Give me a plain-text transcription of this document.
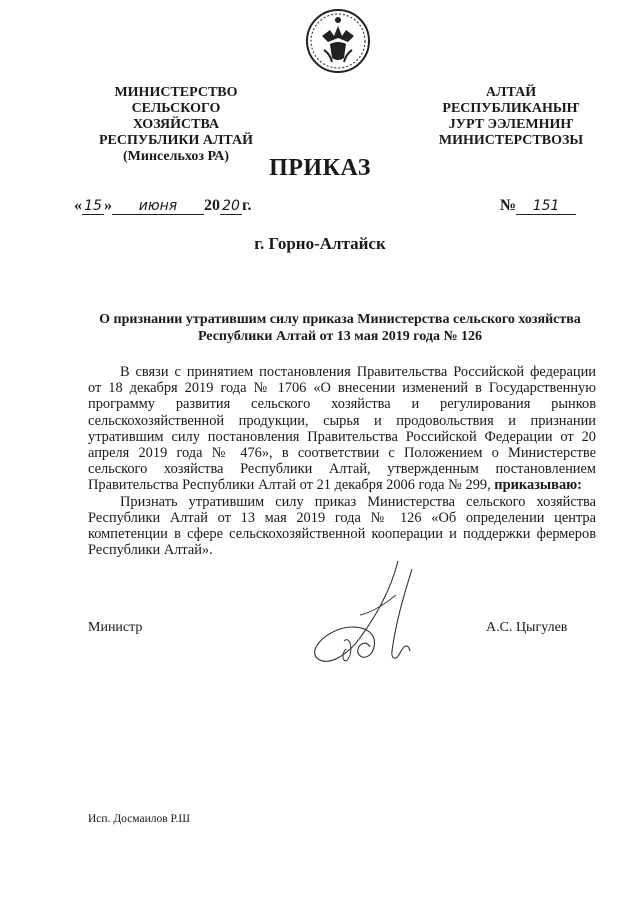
МИНИСТЕРСТВО
СЕЛЬСКОГО ХОЗЯЙСТВА
РЕСПУБЛИКИ АЛТАЙ
(Минсельхоз РА)
АЛТАЙ
РЕСПУБЛИКАНЫҤ
ЈУРТ ЭЭЛЕМНИҤ
МИНИСТЕРСТВОЗЫ
ПРИКАЗ
« 15 » июня 20 20 г.	№ 151
г. Горно-Алтайск
О признании утратившим силу приказа Министерства сельского хозяйства Республики Алтай от 13 мая 2019 года № 126

В связи с принятием постановления Правительства Российской федерации от 18 декабря 2019 года № 1706 «О внесении изменений в Государственную программу развития сельского хозяйства и регулирования рынков сельскохозяйственной продукции, сырья и продовольствия и признании утратившим силу постановления Правительства Российской Федерации от 20 апреля 2019 года № 476», в соответствии с Положением о Министерстве сельского хозяйства Республики Алтай, утвержденным постановлением Правительства Республики Алтай от 21 декабря 2006 года № 299, приказываю:

Признать утратившим силу приказ Министерства сельского хозяйства Республики Алтай от 13 мая 2019 года № 126 «Об определении центра компетенции в сфере сельскохозяйственной кооперации и поддержки фермеров Республики Алтай».

Министр	А.С. Цыгулев
Исп. Досмаилов Р.Ш
